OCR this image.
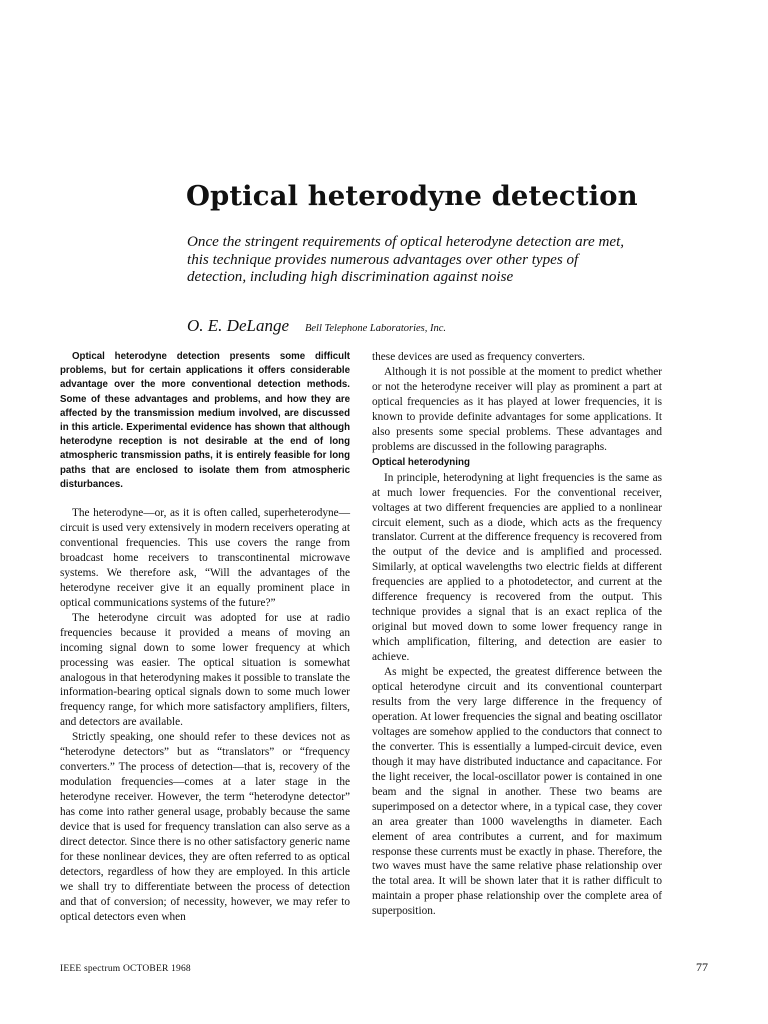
Optical heterodyne detection

Once the stringent requirements of optical heterodyne detection are met, this technique provides numerous advantages over other types of detection, including high discrimination against noise

O. E. DeLange Bell Telephone Laboratories, Inc.

Optical heterodyne detection presents some difficult problems, but for certain applications it offers considerable advantage over the more conventional detection methods. Some of these advantages and problems, and how they are affected by the transmission medium involved, are discussed in this article. Experimental evidence has shown that although heterodyne reception is not desirable at the end of long atmospheric transmission paths, it is entirely feasible for long paths that are enclosed to isolate them from atmospheric disturbances.

The heterodyne—or, as it is often called, superheterodyne—circuit is used very extensively in modern receivers operating at conventional frequencies. This use covers the range from broadcast home receivers to transcontinental microwave systems. We therefore ask, “Will the advantages of the heterodyne receiver give it an equally prominent place in optical communications systems of the future?”

The heterodyne circuit was adopted for use at radio frequencies because it provided a means of moving an incoming signal down to some lower frequency at which processing was easier. The optical situation is somewhat analogous in that heterodyning makes it possible to translate the information-bearing optical signals down to some much lower frequency range, for which more satisfactory amplifiers, filters, and detectors are available.

Strictly speaking, one should refer to these devices not as “heterodyne detectors” but as “translators” or “frequency converters.” The process of detection—that is, recovery of the modulation frequencies—comes at a later stage in the heterodyne receiver. However, the term “heterodyne detector” has come into rather general usage, probably because the same device that is used for frequency translation can also serve as a direct detector. Since there is no other satisfactory generic name for these nonlinear devices, they are often referred to as optical detectors, regardless of how they are employed. In this article we shall try to differentiate between the process of detection and that of conversion; of necessity, however, we may refer to optical detectors even when

these devices are used as frequency converters.

Although it is not possible at the moment to predict whether or not the heterodyne receiver will play as prominent a part at optical frequencies as it has played at lower frequencies, it is known to provide definite advantages for some applications. It also presents some special problems. These advantages and problems are discussed in the following paragraphs.

Optical heterodyning

In principle, heterodyning at light frequencies is the same as at much lower frequencies. For the conventional receiver, voltages at two different frequencies are applied to a nonlinear circuit element, such as a diode, which acts as the frequency translator. Current at the difference frequency is recovered from the output of the device and is amplified and processed. Similarly, at optical wavelengths two electric fields at different frequencies are applied to a photodetector, and current at the difference frequency is recovered from the output. This technique provides a signal that is an exact replica of the original but moved down to some lower frequency range in which amplification, filtering, and detection are easier to achieve.

As might be expected, the greatest difference between the optical heterodyne circuit and its conventional counterpart results from the very large difference in the frequency of operation. At lower frequencies the signal and beating oscillator voltages are somehow applied to the conductors that connect to the converter. This is essentially a lumped-circuit device, even though it may have distributed inductance and capacitance. For the light receiver, the local-oscillator power is contained in one beam and the signal in another. These two beams are superimposed on a detector where, in a typical case, they cover an area greater than 1000 wavelengths in diameter. Each element of area contributes a current, and for maximum response these currents must be exactly in phase. Therefore, the two waves must have the same relative phase relationship over the total area. It will be shown later that it is rather difficult to maintain a proper phase relationship over the complete area of superposition.

IEEE spectrum OCTOBER 1968	77
